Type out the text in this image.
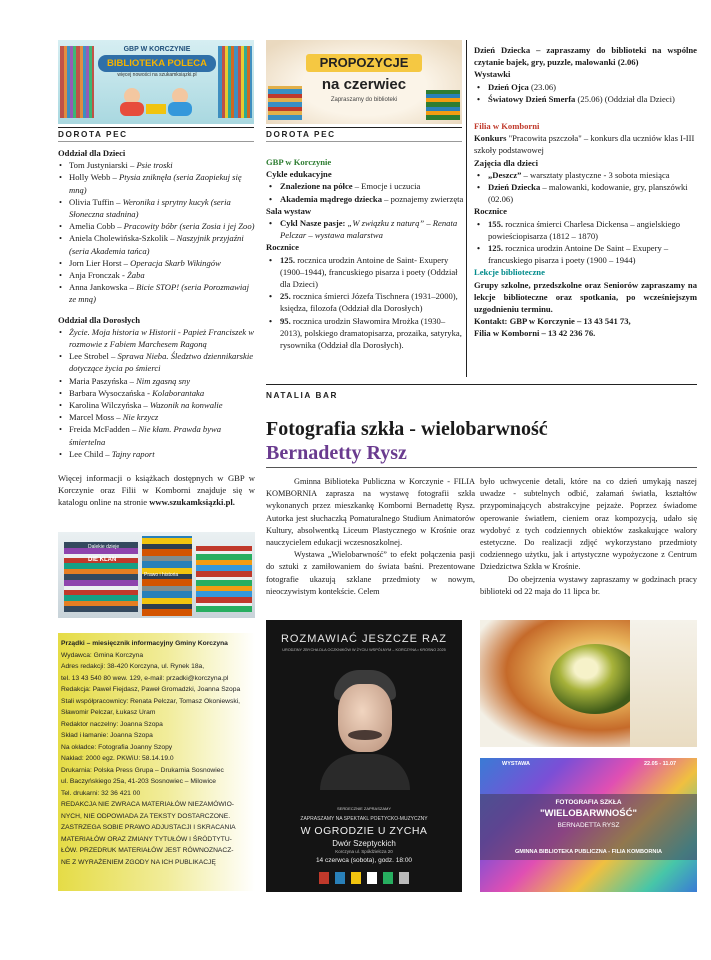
GBP W KORCZYNIE
BIBLIOTEKA POLECA
więcej nowości na szukamksiązki.pl
PROPOZYCJE
na czerwiec
Zapraszamy do biblioteki
DOROTA PEC
Oddział dla Dzieci
• Tom Justyniarski – Psie troski
• Holly Webb – Ptysia zniknęła (seria Zaopiekuj się mną)
• Olivia Tuffin – Weronika i sprytny kucyk (seria Słoneczna stadnina)
• Amelia Cobb – Pracowity bóbr (seria Zosia i jej Zoo)
• Aniela Cholewińska-Szkolik – Naszyjnik przyjaźni (seria Akademia tańca)
• Jorn Lier Horst – Operacja Skarb Wikingów
• Anja Fronczak - Żaba
• Anna Jankowska – Bicie STOP! (seria Porozmawiaj ze mną)
Oddział dla Dorosłych
• Życie. Moja historia w Historii - Papież Franciszek w rozmowie z Fabiem Marchesem Ragoną
• Lee Strobel – Sprawa Nieba. Śledztwo dziennikarskie dotyczące życia po śmierci
• Maria Paszyńska – Nim zgasną sny
• Barbara Wysoczańska - Kolaborantaka
• Karolina Wilczyńska – Wazonik na konwalie
• Marcel Moss – Nie krzycz
• Freida McFadden – Nie kłam. Prawda bywa śmiertelna
• Lee Child – Tajny raport
Więcej informacji o książkach dostępnych w GBP w Korczynie oraz Filii w Komborni znajduje się w katalogu online na stronie www.szukamksiązki.pl.
Dalekie dzieje
DIE KLAN
Prawo i historia
Prządki – miesięcznik informacyjny Gminy Korczyna
Wydawca: Gmina Korczyna
Adres redakcji: 38-420 Korczyna, ul. Rynek 18a,
tel. 13 43 540 80 wew. 129, e-mail: przadki@korczyna.pl
Redakcja: Paweł Fiejdasz, Paweł Gromadzki, Joanna Szopa
Stali współpracownicy: Renata Pelczar, Tomasz Okoniewski,
Sławomir Pelczar, Łukasz Uram
Redaktor naczelny: Joanna Szopa
Skład i łamanie: Joanna Szopa
Na okładce: Fotografia Joanny Szopy
Nakład: 2000 egz. PKWiU: 58.14.19.0
Drukarnia: Polska Press Grupa – Drukarnia Sosnowiec
ul. Baczyńskiego 25a, 41-203 Sosnowiec – Milowice
Tel. drukarni: 32 36 421 00
REDAKCJA NIE ZWRACA MATERIAŁÓW NIEZAMÓWIO-
NYCH, NIE ODPOWIADA ZA TEKSTY DOSTARCZONE.
ZASTRZEGA SOBIE PRAWO ADJUSTACJI I SKRACANIA
MATERIAŁÓW ORAZ ZMIANY TYTUŁÓW I ŚRÓDTYTU-
ŁÓW. PRZEDRUK MATERIAŁÓW JEST RÓWNOZNACZ-
NE Z WYRAŻENIEM ZGODY NA ICH PUBLIKACJĘ
DOROTA PEC
GBP w Korczynie
Cykle edukacyjne
• Znalezione na półce – Emocje i uczucia
• Akademia mądrego dziecka – poznajemy zwierzęta
Sala wystaw
• Cykl Nasze pasje: „W związku z naturą” – Renata Pelczar – wystawa malarstwa
Rocznice
• 125. rocznica urodzin Antoine de Saint- Exupery (1900–1944), francuskiego pisarza i poety (Oddział dla Dzieci)
• 25. rocznica śmierci Józefa Tischnera (1931–2000), księdza, filozofa (Oddział dla Dorosłych)
• 95. rocznica urodzin Sławomira Mrożka (1930–2013), polskiego dramatopisarza, prozaika, satyryka, rysownika (Oddział dla Dorosłych).
Dzień Dziecka – zapraszamy do biblioteki na wspólne czytanie bajek, gry, puzzle, malowanki (2.06)
Wystawki
• Dzień Ojca (23.06)
• Światowy Dzień Smerfa (25.06) (Oddział dla Dzieci)
Filia w Komborni
Konkurs "Pracowita pszczoła" – konkurs dla uczniów klas I-III szkoły podstawowej
Zajęcia dla dzieci
• „Deszcz” – warsztaty plastyczne - 3 sobota miesiąca
• Dzień Dziecka – malowanki, kodowanie, gry, planszówki (02.06)
Rocznice
• 155. rocznica śmierci Charlesa Dickensa – angielskiego powieściopisarza (1812 – 1870)
• 125. rocznica urodzin Antoine De Saint – Exupery – francuskiego pisarza i poety (1900 – 1944)
Lekcje biblioteczne
Grupy szkolne, przedszkolne oraz Seniorów zapraszamy na lekcje biblioteczne oraz spotkania, po wcześniejszym uzgodnieniu terminu.
Kontakt: GBP w Korczynie – 13 43 541 73,
Filia w Komborni – 13 42 236 76.
NATALIA BAR
Fotografia szkła - wielobarwność
Bernadetty Rysz
Gminna Biblioteka Publiczna w Korczynie - FILIA KOMBORNIA zaprasza na wystawę fotografii szkła wykonanych przez mieszkankę Komborni Bernadettę Rysz. Autorka jest słuchaczką Pomaturalnego Studium Animatorów Kultury, absolwentką Liceum Plastycznego w Krośnie oraz nauczycielem edukacji wczesnoszkolnej.
Wystawa „Wielobarwność” to efekt połączenia pasji do sztuki z zamiłowaniem do świata baśni. Prezentowane fotografie ukazują szklane przedmioty w nowym, nieoczywistym kontekście. Celem
było uchwycenie detali, które na co dzień umykają naszej uwadze - subtelnych odbić, załamań światła, kształtów przypominających abstrakcyjne pejzaże. Poprzez świadome operowanie światłem, cieniem oraz kompozycją, udało się wydobyć z tych codziennych obiektów zaskakujące walory estetyczne. Do realizacji zdjęć wykorzystano przedmioty codziennego użytku, jak i artystyczne wypożyczone z Centrum Dziedzictwa Szkła w Krośnie.
Do obejrzenia wystawy zapraszamy w godzinach pracy biblioteki od 22 maja do 11 lipca br.
ROZMAWIAĆ JESZCZE RAZ
URODZINY ZBYCHA DLA OCZKNIKÓW W ŻYCIU WSPÓLNYM – KORCZYNA • KROSNO 2025
SERDECZNIE ZAPRASZAMY
ZAPRASZAMY NA SPEKTAKL POETYCKO-MUZYCZNY
W OGRODZIE U ZYCHA
Dwór Szeptyckich
Korczyna ul. Spółdzielcza 20
14 czerwca (sobota), godz. 18:00
WYSTAWA	22.05 - 11.07
FOTOGRAFIA SZKŁA
"WIELOBARWNOŚĆ"
BERNADETTA RYSZ
GMINNA BIBLIOTEKA PUBLICZNA - FILIA KOMBORNIA
